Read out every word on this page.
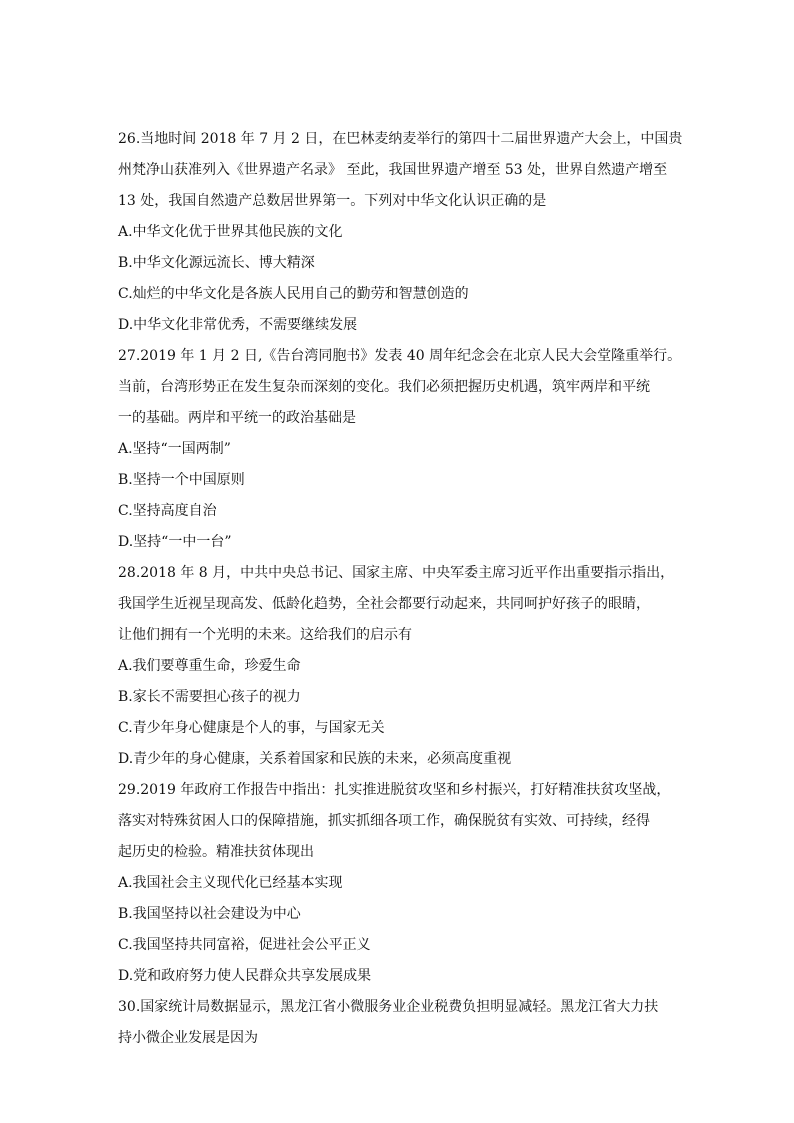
26.当地时间 2018 年 7 月 2 日，在巴林麦纳麦举行的第四十二届世界遗产大会上，中国贵
州梵净山获准列入《世界遗产名录》 至此，我国世界遗产增至 53 处，世界自然遗产增至
13 处，我国自然遗产总数居世界第一。下列对中华文化认识正确的是
A.中华文化优于世界其他民族的文化
B.中华文化源远流长、博大精深
C.灿烂的中华文化是各族人民用自己的勤劳和智慧创造的
D.中华文化非常优秀，不需要继续发展
27.2019 年 1 月 2 日,《告台湾同胞书》发表 40 周年纪念会在北京人民大会堂隆重举行。
当前，台湾形势正在发生复杂而深刻的变化。我们必须把握历史机遇，筑牢两岸和平统
一的基础。两岸和平统一的政治基础是
A.坚持“一国两制”
B.坚持一个中国原则
C.坚持高度自治
D.坚持“一中一台”
28.2018 年 8 月，中共中央总书记、国家主席、中央军委主席习近平作出重要指示指出，
我国学生近视呈现高发、低龄化趋势，全社会都要行动起来，共同呵护好孩子的眼睛，
让他们拥有一个光明的未来。这给我们的启示有
A.我们要尊重生命，珍爱生命
B.家长不需要担心孩子的视力
C.青少年身心健康是个人的事，与国家无关
D.青少年的身心健康，关系着国家和民族的未来，必须高度重视
29.2019 年政府工作报告中指出：扎实推进脱贫攻坚和乡村振兴，打好精准扶贫攻坚战，
落实对特殊贫困人口的保障措施，抓实抓细各项工作，确保脱贫有实效、可持续，经得
起历史的检验。精准扶贫体现出
A.我国社会主义现代化已经基本实现
B.我国坚持以社会建设为中心
C.我国坚持共同富裕，促进社会公平正义
D.党和政府努力使人民群众共享发展成果
30.国家统计局数据显示，黑龙江省小微服务业企业税费负担明显减轻。黑龙江省大力扶
持小微企业发展是因为
